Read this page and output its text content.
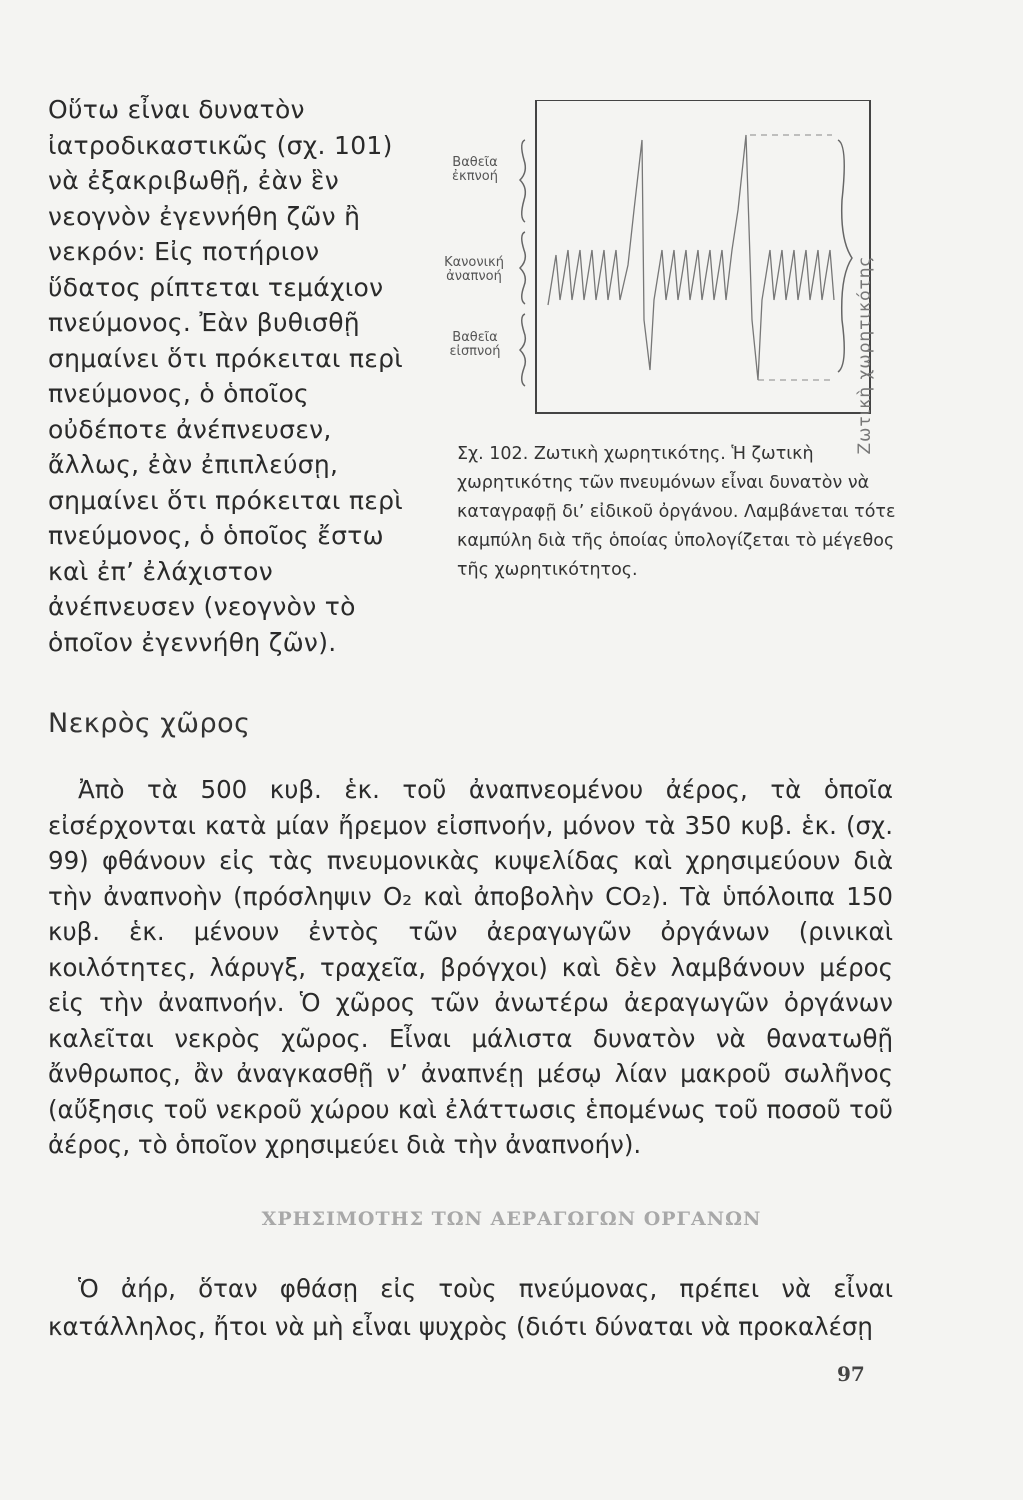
Οὕτω εἶναι δυνατὸν ἰατροδικαστικῶς (σχ. 101) νὰ ἐξακριβωθῇ, ἐὰν ἓν νεογνὸν ἐγεννήθη ζῶν ἢ νεκρόν: Εἰς ποτήριον ὕδατος ρίπτεται τεμάχιον πνεύμονος. Ἐὰν βυθισθῇ σημαίνει ὅτι πρόκειται περὶ πνεύμονος, ὁ ὁποῖος οὐδέποτε ἀνέπνευσεν, ἄλλως, ἐὰν ἐπιπλεύσῃ, σημαίνει ὅτι πρόκειται περὶ πνεύμονος, ὁ ὁποῖος ἔστω καὶ ἐπ’ ἐλάχιστον ἀνέπνευσεν (νεογνὸν τὸ ὁποῖον ἐγεννήθη ζῶν).

Βαθεῖα
ἐκπνοή
Κανονική
ἀναπνοή
Βαθεῖα
εἰσπνοή	Ζωτικὴ χωρητικότης
Σχ. 102. Ζωτικὴ χωρητικότης. Ἡ ζωτικὴ χωρητικότης τῶν πνευμόνων εἶναι δυνατὸν νὰ καταγραφῇ δι’ εἰδικοῦ ὀργάνου. Λαμβάνεται τότε καμπύλη διὰ τῆς ὁποίας ὑπολογίζεται τὸ μέγεθος τῆς χωρητικότητος.
Νεκρὸς χῶρος

Ἀπὸ τὰ 500 κυβ. ἑκ. τοῦ ἀναπνεομένου ἀέρος, τὰ ὁποῖα εἰσέρχονται κατὰ μίαν ἤρεμον εἰσπνοήν, μόνον τὰ 350 κυβ. ἑκ. (σχ. 99) φθάνουν εἰς τὰς πνευμονικὰς κυψελίδας καὶ χρησιμεύουν διὰ τὴν ἀναπνοὴν (πρόσληψιν O₂ καὶ ἀποβολὴν CO₂). Τὰ ὑπόλοιπα 150 κυβ. ἑκ. μένουν ἐντὸς τῶν ἀεραγωγῶν ὀργάνων (ρινικαὶ κοιλότητες, λάρυγξ, τραχεῖα, βρόγχοι) καὶ δὲν λαμβάνουν μέρος εἰς τὴν ἀναπνοήν. Ὁ χῶρος τῶν ἀνωτέρω ἀεραγωγῶν ὀργάνων καλεῖται νεκρὸς χῶρος. Εἶναι μάλιστα δυνατὸν νὰ θανατωθῇ ἄνθρωπος, ἂν ἀναγκασθῇ ν’ ἀναπνέῃ μέσῳ λίαν μακροῦ σωλῆνος (αὔξησις τοῦ νεκροῦ χώρου καὶ ἐλάττωσις ἑπομένως τοῦ ποσοῦ τοῦ ἀέρος, τὸ ὁποῖον χρησιμεύει διὰ τὴν ἀναπνοήν).

ΧΡΗΣΙΜΟΤΗΣ ΤΩΝ ΑΕΡΑΓΩΓΩΝ ΟΡΓΑΝΩΝ

Ὁ ἀήρ, ὅταν φθάσῃ εἰς τοὺς πνεύμονας, πρέπει νὰ εἶναι κατάλληλος, ἤτοι νὰ μὴ εἶναι ψυχρὸς (διότι δύναται νὰ προκαλέσῃ

97
